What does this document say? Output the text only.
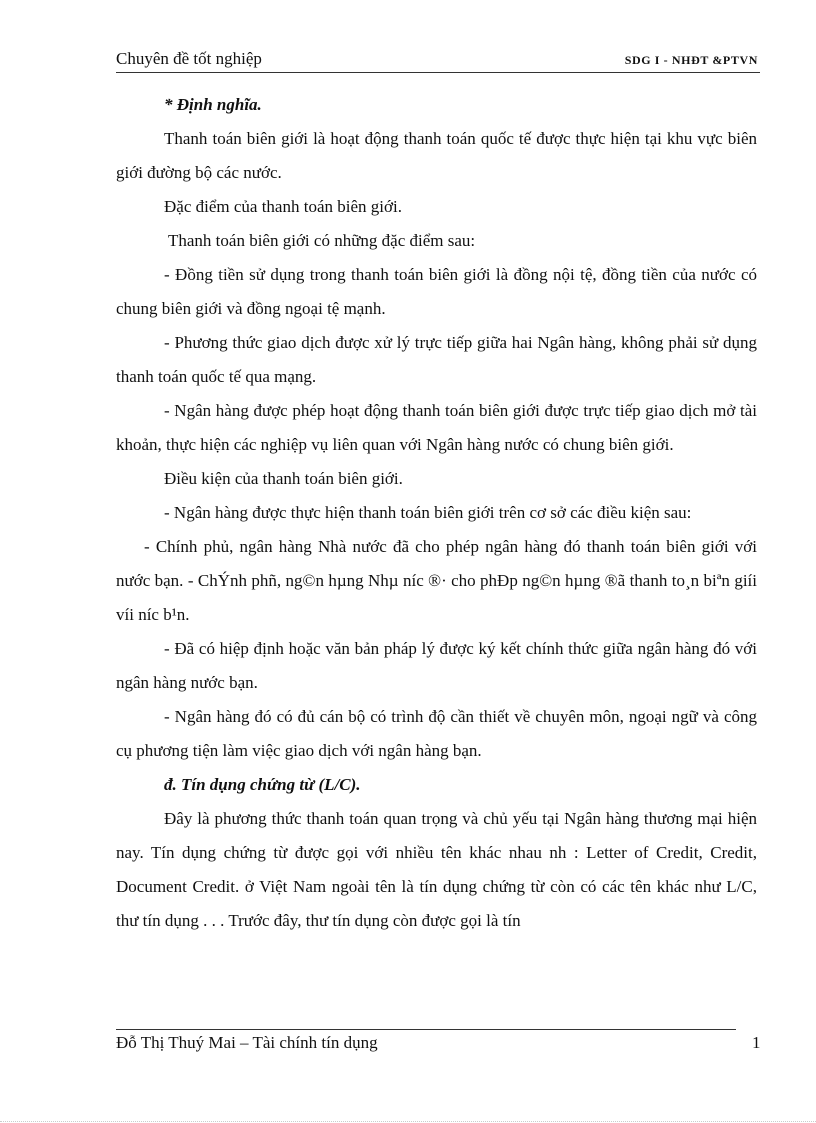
Chuyên đề tốt nghiệp	SDG I - NHĐT &PTVN

* Định nghĩa.

Thanh toán biên giới là hoạt động thanh toán quốc tế được thực hiện tại khu vực biên giới đường bộ các nước.

Đặc điểm của thanh toán biên giới.

Thanh toán biên giới có những đặc điểm sau:

- Đồng tiền sử dụng trong thanh toán biên giới là đồng nội tệ, đồng tiền của nước có chung biên giới và đồng ngoại tệ mạnh.

- Phương thức giao dịch được xử lý trực tiếp giữa hai Ngân hàng, không phải sử dụng thanh toán quốc tế qua mạng.

- Ngân hàng được phép hoạt động thanh toán biên giới được trực tiếp giao dịch mở tài khoản, thực hiện các nghiệp vụ liên quan với Ngân hàng nước có chung biên giới.

Điều kiện của thanh toán biên giới.

- Ngân hàng được thực hiện thanh toán biên giới trên cơ sở các điều kiện sau:

- Chính phủ, ngân hàng Nhà nước đã cho phép ngân hàng đó thanh toán biên giới với nước bạn. - ChÝnh phñ, ng©n hµng Nhµ níc ®· cho phÐp ng©n hµng ®ã thanh to¸n biªn giíi víi níc b¹n.

- Đã có hiệp định hoặc văn bản pháp lý được ký kết chính thức giữa ngân hàng đó với ngân hàng nước bạn.

- Ngân hàng đó có đủ cán bộ có trình độ cần thiết về chuyên môn, ngoại ngữ và công cụ phương tiện làm việc giao dịch với ngân hàng bạn.

đ. Tín dụng chứng từ (L/C).

Đây là phương thức thanh toán quan trọng và chủ yếu tại Ngân hàng thương mại hiện nay. Tín dụng chứng từ được gọi với nhiều tên khác nhau nh : Letter of Credit, Credit, Document Credit. ở Việt Nam ngoài tên là tín dụng chứng từ còn có các tên khác như L/C, thư tín dụng . . . Trước đây, thư tín dụng còn được gọi là tín

Đỗ Thị Thuý Mai – Tài chính tín dụng	1
